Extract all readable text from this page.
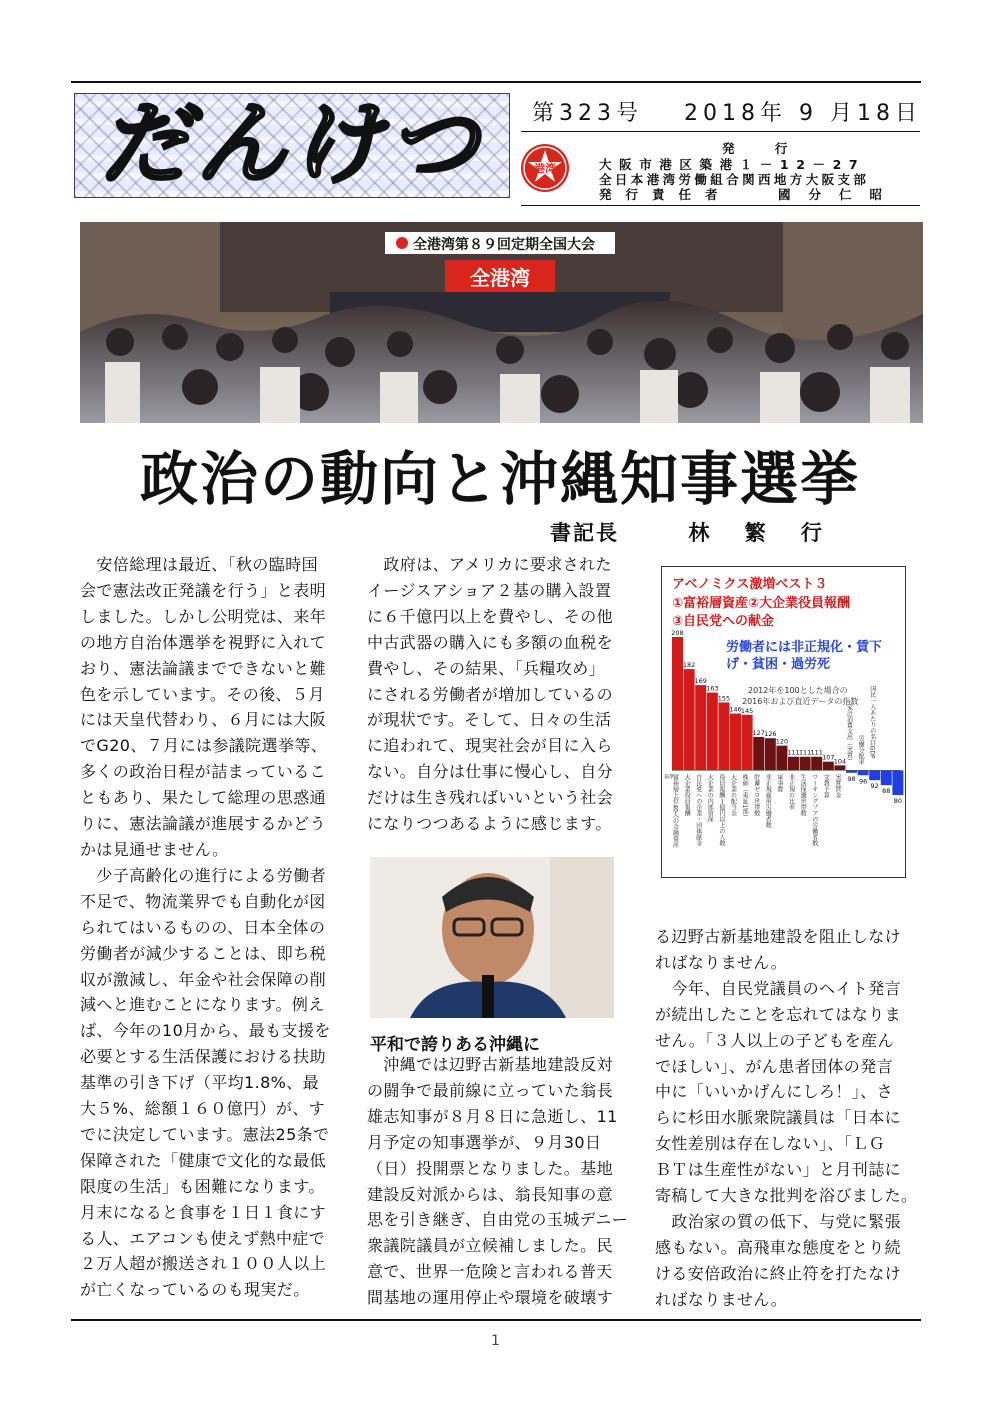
だんけつ	第323号 2018年 9 月18日
港湾
発 行
大阪市港区築港１－12－27
全日本港湾労働組合関西地方大阪支部
発行責任者	國分仁昭
全港湾第８９回定期全国大会
全港湾
政治の動向と沖縄知事選挙
書記長	林 繁 行

　安倍総理は最近、「秋の臨時国

会で憲法改正発議を行う」と表明

しました。しかし公明党は、来年

の地方自治体選挙を視野に入れて

おり、憲法論議までできないと難

色を示しています。その後、５月

には天皇代替わり、６月には大阪

でG20、７月には参議院選挙等、

多くの政治日程が詰まっているこ

ともあり、果たして総理の思惑通

りに、憲法論議が進展するかどう

かは見通せません。

　少子高齢化の進行による労働者

不足で、物流業界でも自動化が図

られてはいるものの、日本全体の

労働者が減少することは、即ち税

収が激減し、年金や社会保障の削

減へと進むことになります。例え

ば、今年の10月から、最も支援を

必要とする生活保護における扶助

基準の引き下げ（平均1.8%、最

大５%、総額１６０億円）が、す

でに決定しています。憲法25条で

保障された「健康で文化的な最低

限度の生活」も困難になります。

月末になると食事を１日１食にす

る人、エアコンも使えず熱中症で

２万人超が搬送され１００人以上

が亡くなっているのも現実だ。

　政府は、アメリカに要求された

イージスアショア２基の購入設置

に６千億円以上を費やし、その他

中古武器の購入にも多額の血税を

費やし、その結果、「兵糧攻め」

にされる労働者が増加しているの

が現状です。そして、日々の生活

に追われて、現実社会が目に入ら

ない。自分は仕事に慢心し、自分

だけは生き残ればいいという社会

になりつつあるように感じます。

平和で誇りある沖縄に

　沖縄では辺野古新基地建設反対

の闘争で最前線に立っていた翁長

雄志知事が８月８日に急逝し、11

月予定の知事選挙が、９月30日

（日）投開票となりました。基地

建設反対派からは、翁長知事の意

思を引き継ぎ、自由党の玉城デニー

衆議院議員が立候補しました。民

意で、世界一危険と言われる普天

間基地の運用停止や環境を破壊す

アベノミクス激増ベスト３
①富裕層資産②大企業役員報酬
③自民党への献金
労働者には非正規化・賃下げ・貧困・過労死
2012年を100とした場合の
2016年および直近データの指数
208
182
169
163
155
146 145
127 126
120
111 111 111
107 104
98 96
92
88
80
基準
富裕層上位40人の金融資産 大企業役員報酬 自民党への企業・団体献金 大企業の内部留保 役員報酬１億円以上の人数 大企業の配当金 株価（東証1部） 貯蓄ゼロ世帯数 非正規雇用労働者数 軍事費 非正規の比率 生活保護世帯数 ワーキングプアの労働者数 文教予算 実質賃金
家計消費支出（実質） 労働分配率 国民一人あたりの名目GDP

る辺野古新基地建設を阻止しなけ

ればなりません。

　今年、自民党議員のヘイト発言

が続出したことを忘れてはなりま

せん。「３人以上の子どもを産ん

でほしい」、がん患者団体の発言

中に「いいかげんにしろ！」、さ

らに杉田水脈衆院議員は「日本に

女性差別は存在しない」、「ＬＧ

ＢＴは生産性がない」と月刊誌に

寄稿して大きな批判を浴びました。

　政治家の質の低下、与党に緊張

感もない。高飛車な態度をとり続

ける安倍政治に終止符を打たなけ

ればなりません。

1
